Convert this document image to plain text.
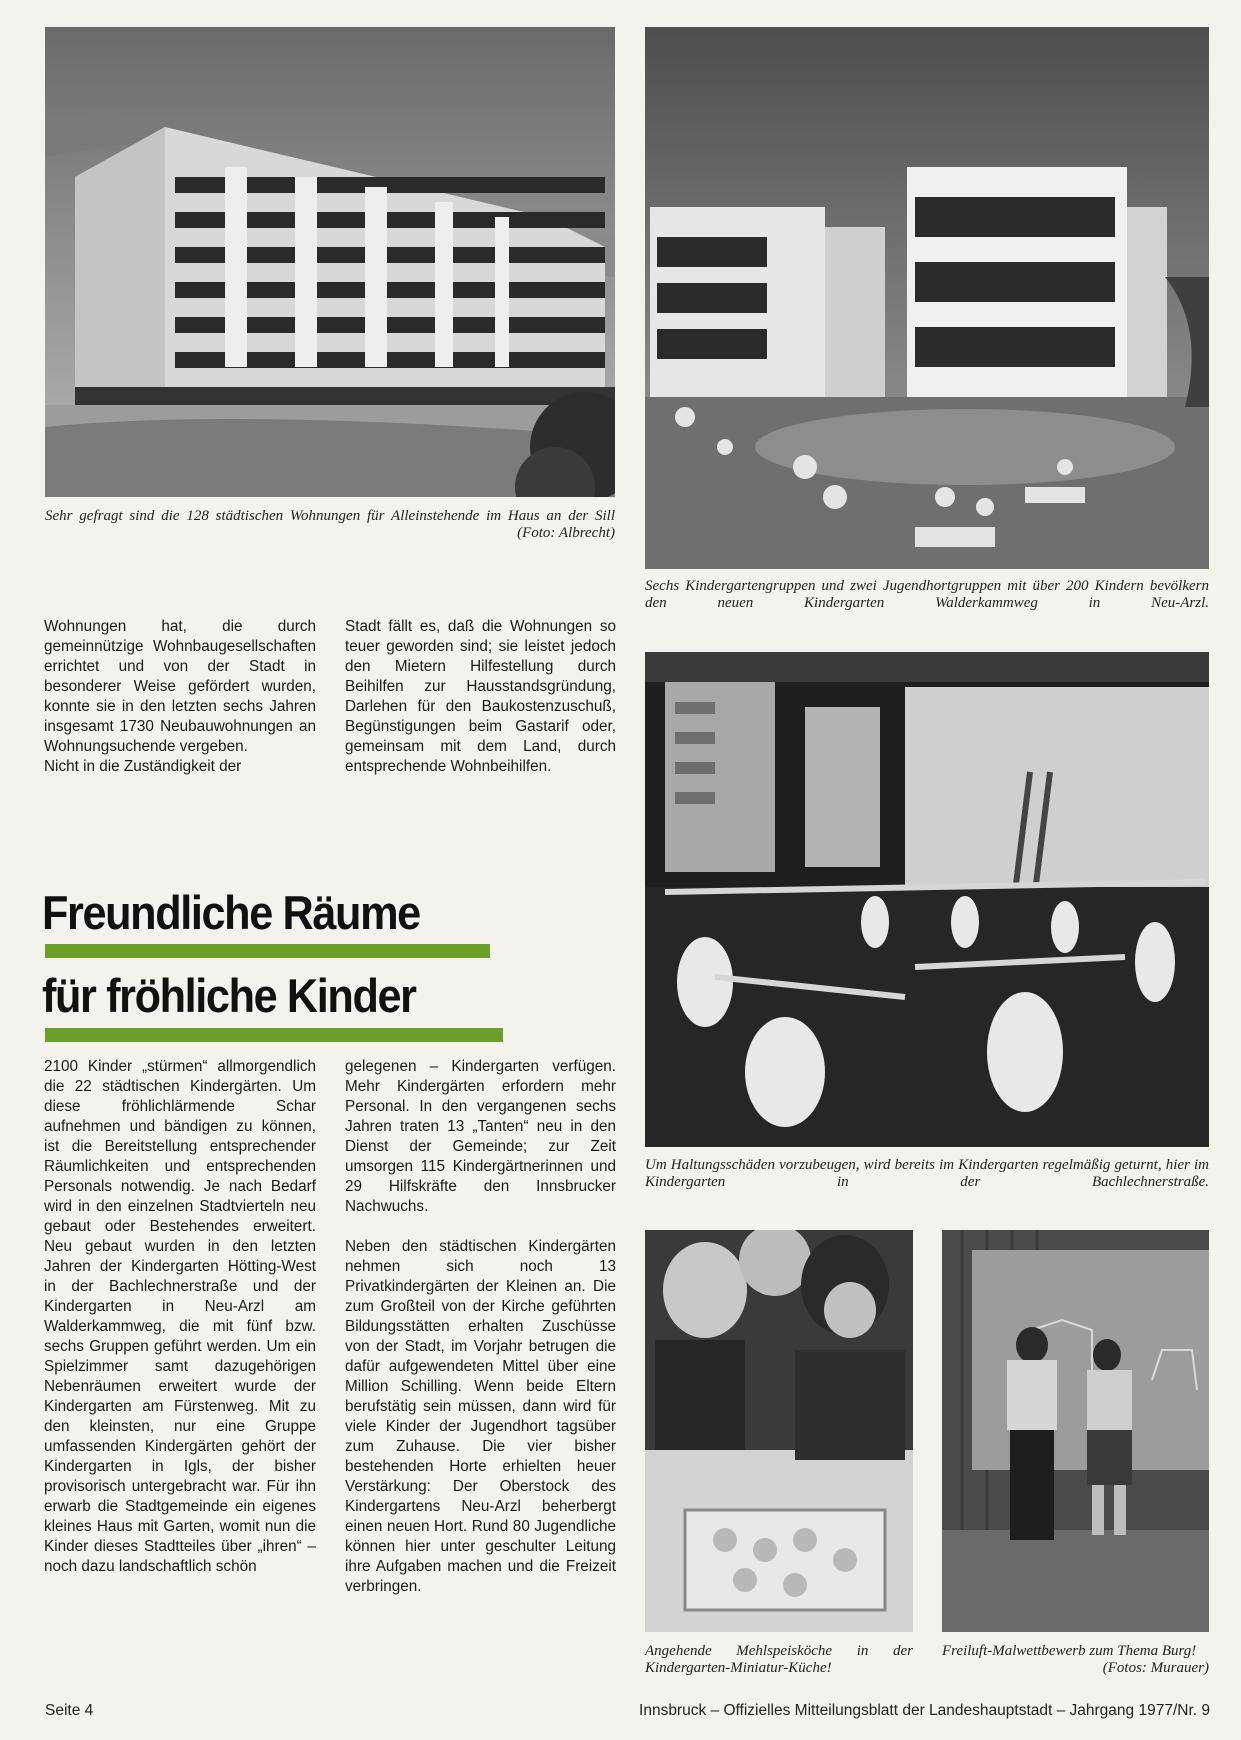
Sehr gefragt sind die 128 städtischen Wohnungen für Alleinstehende im Haus an der Sill
(Foto: Albrecht)
Sechs Kindergartengruppen und zwei Jugendhortgruppen mit über 200 Kindern bevölkern den neuen Kindergarten Walderkammweg in Neu-Arzl.
Um Haltungsschäden vorzubeugen, wird bereits im Kindergarten regelmäßig geturnt, hier im Kindergarten in der Bachlechnerstraße.
Angehende Mehlspeisköche in der Kindergarten-Miniatur-Küche!
Freiluft-Malwettbewerb zum Thema Burg!
(Fotos: Murauer)

Wohnungen hat, die durch gemeinnützige Wohnbaugesellschaften errichtet und von der Stadt in besonderer Weise gefördert wurden, konnte sie in den letzten sechs Jahren insgesamt 1730 Neubauwohnungen an Wohnungsuchende vergeben.

Nicht in die Zuständigkeit der

Stadt fällt es, daß die Wohnungen so teuer geworden sind; sie leistet jedoch den Mietern Hilfestellung durch Beihilfen zur Hausstandsgründung, Darlehen für den Baukostenzuschuß, Begünstigungen beim Gastarif oder, gemeinsam mit dem Land, durch entsprechende Wohnbeihilfen.

Freundliche Räume
für fröhliche Kinder

2100 Kinder „stürmen“ allmorgendlich die 22 städtischen Kindergärten. Um diese fröhlichlärmende Schar aufnehmen und bändigen zu können, ist die Bereitstellung entsprechender Räumlichkeiten und entsprechenden Personals notwendig. Je nach Bedarf wird in den einzelnen Stadtvierteln neu gebaut oder Bestehendes erweitert. Neu gebaut wurden in den letzten Jahren der Kindergarten Hötting-West in der Bachlechnerstraße und der Kindergarten in Neu-Arzl am Walderkammweg, die mit fünf bzw. sechs Gruppen geführt werden. Um ein Spielzimmer samt dazugehörigen Nebenräumen erweitert wurde der Kindergarten am Fürstenweg. Mit zu den kleinsten, nur eine Gruppe umfassenden Kindergärten gehört der Kindergarten in Igls, der bisher provisorisch untergebracht war. Für ihn erwarb die Stadtgemeinde ein eigenes kleines Haus mit Garten, womit nun die Kinder dieses Stadtteiles über „ihren“ – noch dazu landschaftlich schön

gelegenen – Kindergarten verfügen. Mehr Kindergärten erfordern mehr Personal. In den vergangenen sechs Jahren traten 13 „Tanten“ neu in den Dienst der Gemeinde; zur Zeit umsorgen 115 Kindergärtnerinnen und 29 Hilfskräfte den Innsbrucker Nachwuchs.

Neben den städtischen Kindergärten nehmen sich noch 13 Privatkindergärten der Kleinen an. Die zum Großteil von der Kirche geführten Bildungsstätten erhalten Zuschüsse von der Stadt, im Vorjahr betrugen die dafür aufgewendeten Mittel über eine Million Schilling. Wenn beide Eltern berufstätig sein müssen, dann wird für viele Kinder der Jugendhort tagsüber zum Zuhause. Die vier bisher bestehenden Horte erhielten heuer Verstärkung: Der Oberstock des Kindergartens Neu-Arzl beherbergt einen neuen Hort. Rund 80 Jugendliche können hier unter geschulter Leitung ihre Aufgaben machen und die Freizeit verbringen.

Seite 4	Innsbruck – Offizielles Mitteilungsblatt der Landeshauptstadt – Jahrgang 1977/Nr. 9
